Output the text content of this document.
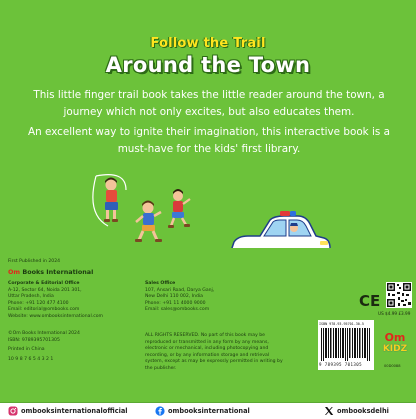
Follow the Trail
Around the Town

This little finger trail book takes the little reader around the town, a journey which not only excites, but also educates them.

An excellent way to ignite their imagination, this interactive book is a must-have for the kids' first library.

First Published in 2024
Om Books International
Corporate & Editorial Office
A-12, Sector 64, Noida 201 301,
Uttar Pradesh, India
Phone: +91 120 477 4100
Email: editorial@ombooks.com
Website: www.ombooksinternational.com
Sales Office
107, Ansari Road, Darya Ganj,
New Delhi 110 002, India
Phone: +91 11 4000 9000
Email: sales@ombooks.com
©Om Books International 2024
ISBN: 9789395701305

Printed in China

10 9 8 7 6 5 4 3 2 1
ALL RIGHTS RESERVED. No part of this book may be
reproduced or transmitted in any form by any means,
electronic or mechanical, including photocopying and
recording, or by any information storage and retrieval
system, except as may be expressly permitted in writing by
the publisher.
CE
US $4.99 £3.99
ISBN 978-93-95701-30-5
9 789395 701305
Om
KIDZ
00D0088
ombooksinternationalofficial	ombooksinternational	ombooksdelhi
